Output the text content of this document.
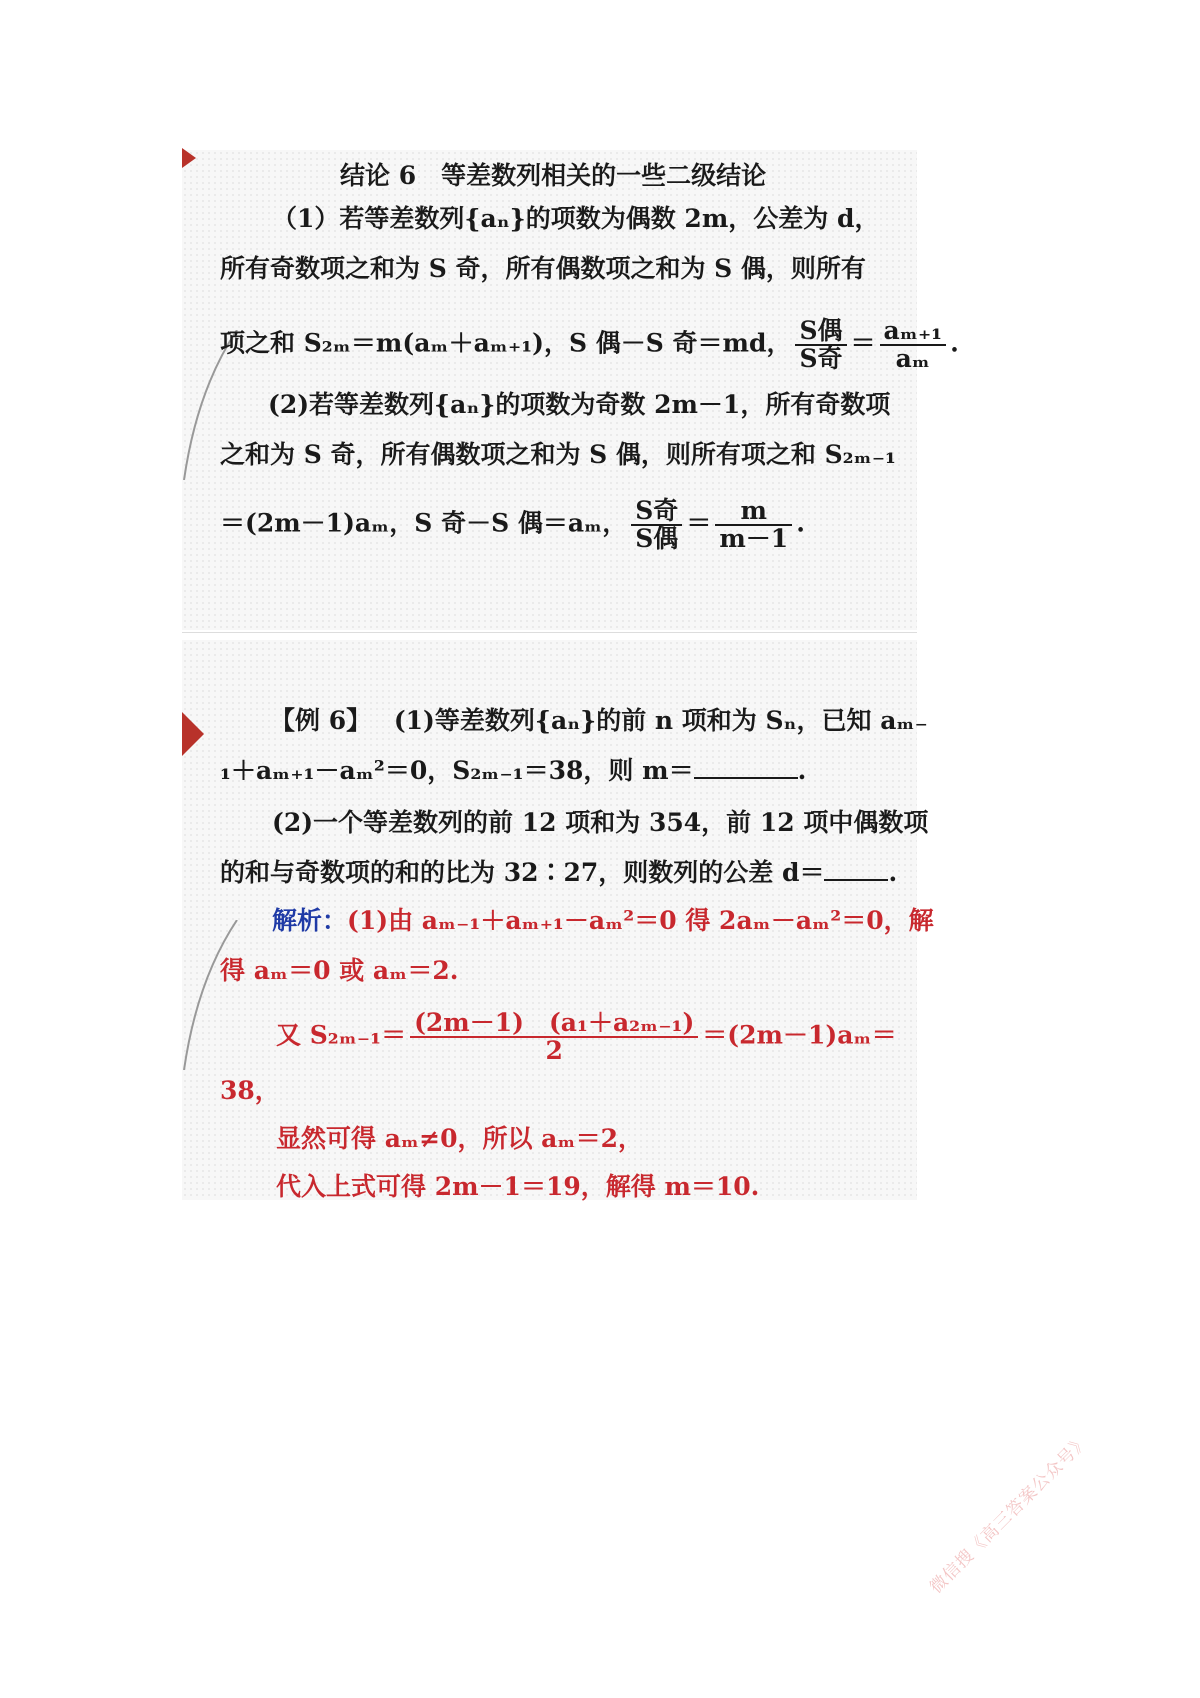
结论 6　等差数列相关的一些二级结论
（1）若等差数列{aₙ}的项数为偶数 2m，公差为 d，
所有奇数项之和为 S 奇，所有偶数项之和为 S 偶，则所有
项之和 S₂ₘ＝m(aₘ＋aₘ₊₁)，S 偶－S 奇＝md， $\frac{\text{S偶}}{\text{S奇}} = \frac{\text{aₘ₊₁}}{\text{aₘ}}$ .
(2)若等差数列{aₙ}的项数为奇数 2m－1，所有奇数项
之和为 S 奇，所有偶数项之和为 S 偶，则所有项之和 S₂ₘ₋₁
＝(2m－1)aₘ，S 奇－S 偶＝aₘ， $\frac{\text{S奇}}{\text{S偶}} = \frac{m}{m-1}$ .
【例 6】 (1)等差数列{aₙ}的前 n 项和为 Sₙ，已知 aₘ₋
₁＋aₘ₊₁－aₘ²＝0，S₂ₘ₋₁＝38，则 m＝	.
(2)一个等差数列的前 12 项和为 354，前 12 项中偶数项
的和与奇数项的和的比为 32∶27，则数列的公差 d＝	.
解析：(1)由 aₘ₋₁＋aₘ₊₁－aₘ²＝0 得 2aₘ－aₘ²＝0，解
得 aₘ＝0 或 aₘ＝2.
又 $S_{2m-1}= \frac{\text{(2m－1)　(a₁＋a₂ₘ₋₁)}}{2} =(2m-1)a_m=$
38，
显然可得 aₘ≠0，所以 aₘ＝2，
代入上式可得 2m－1＝19，解得 m＝10.
微信搜《高三答案公众号》
